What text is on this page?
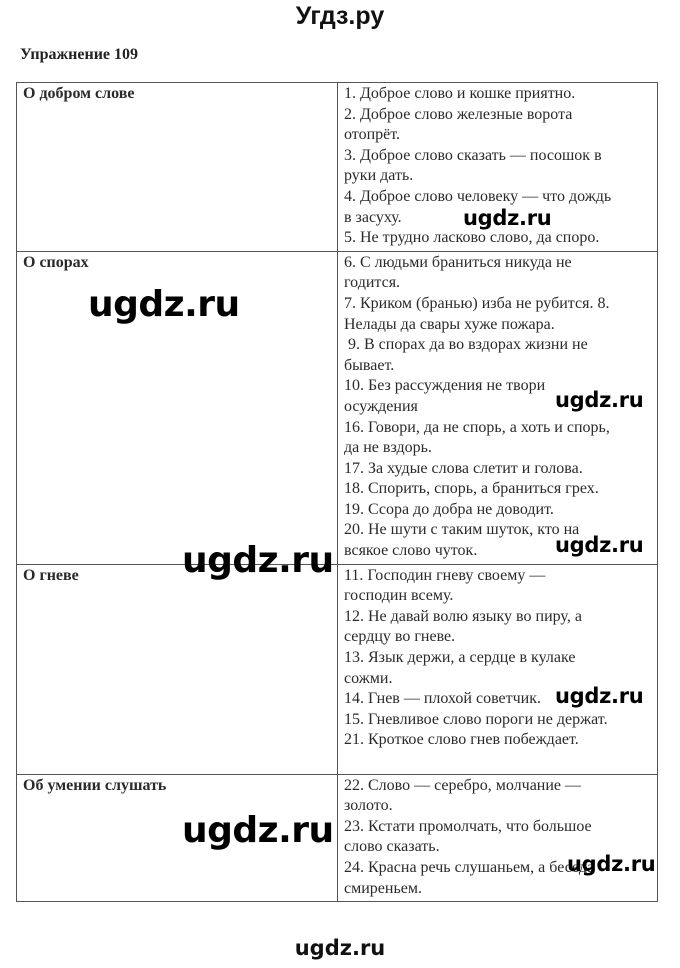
Угдз.ру
Упражнение 109
О добром слове	1. Доброе слово и кошке приятно.
2. Доброе слово железные ворота
отопрёт.
3. Доброе слово сказать — посошок в
руки дать.
4. Доброе слово человеку — что дождь
в засуху.
5. Не трудно ласково слово, да споро.

О спорах	6. С людьми браниться никуда не
годится.
7. Криком (бранью) изба не рубится. 8.
Нелады да свары хуже пожара.
9. В спорах да во вздорах жизни не
бывает.
10. Без рассуждения не твори
осуждения
16. Говори, да не спорь, а хоть и спорь,
да не вздорь.
17. За худые слова слетит и голова.
18. Спорить, спорь, а браниться грех.
19. Ссора до добра не доводит.
20. Не шути с таким шуток, кто на
всякое слово чуток.

О гневе	11. Господин гневу своему —
господин всему.
12. Не давай волю языку во пиру, а
сердцу во гневе.
13. Язык держи, а сердце в кулаке
сожми.
14. Гнев — плохой советчик.
15. Гневливое слово пороги не держат.
21. Кроткое слово гнев побеждает.

Об умении слушать	22. Слово — серебро, молчание —
золото.
23. Кстати промолчать, что большое
слово сказать.
24. Красна речь слушаньем, а беседа
смиреньем.
ugdz.ru
ugdz.ru
ugdz.ru
ugdz.ru	ugdz.ru
ugdz.ru
ugdz.ru
ugdz.ru
ugdz.ru
